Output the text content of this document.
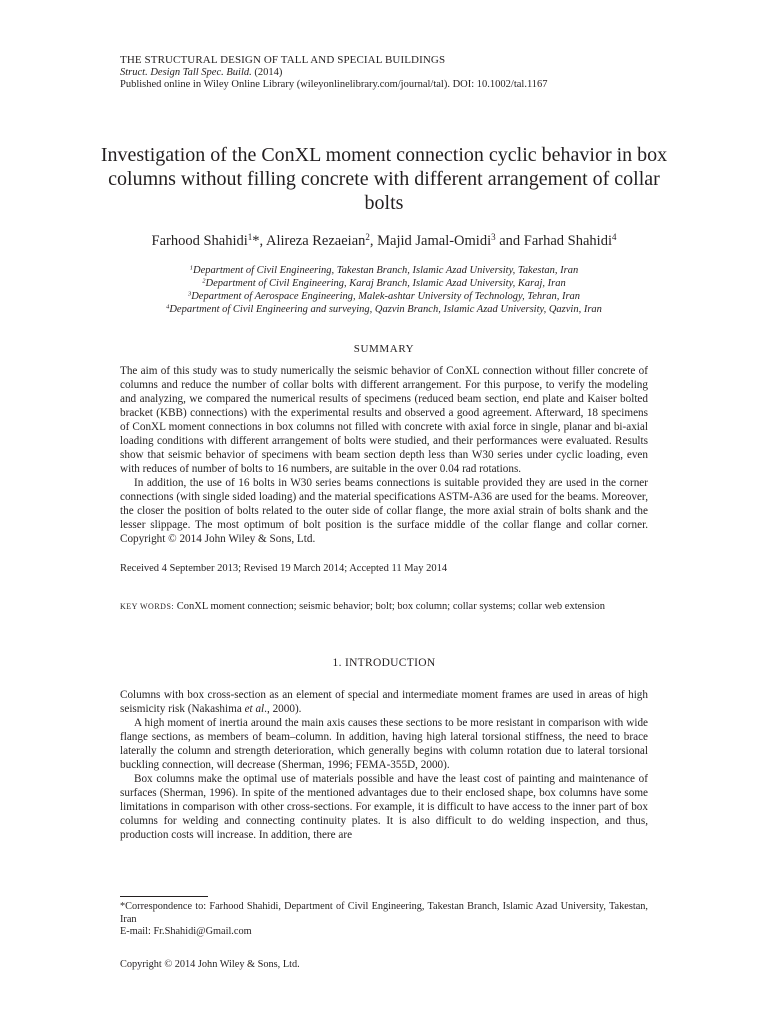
THE STRUCTURAL DESIGN OF TALL AND SPECIAL BUILDINGS
Struct. Design Tall Spec. Build. (2014)
Published online in Wiley Online Library (wileyonlinelibrary.com/journal/tal). DOI: 10.1002/tal.1167
Investigation of the ConXL moment connection cyclic behavior in box columns without filling concrete with different arrangement of collar bolts
Farhood Shahidi$^1$*, Alireza Rezaeian$^2$, Majid Jamal-Omidi$^3$ and Farhad Shahidi$^4$
$^1$Department of Civil Engineering, Takestan Branch, Islamic Azad University, Takestan, Iran
$^2$Department of Civil Engineering, Karaj Branch, Islamic Azad University, Karaj, Iran
$^3$Department of Aerospace Engineering, Malek-ashtar University of Technology, Tehran, Iran
$^4$Department of Civil Engineering and surveying, Qazvin Branch, Islamic Azad University, Qazvin, Iran
SUMMARY

The aim of this study was to study numerically the seismic behavior of ConXL connection without filler concrete of columns and reduce the number of collar bolts with different arrangement. For this purpose, to verify the modeling and analyzing, we compared the numerical results of specimens (reduced beam section, end plate and Kaiser bolted bracket (KBB) connections) with the experimental results and observed a good agreement. Afterward, 18 specimens of ConXL moment connections in box columns not filled with concrete with axial force in single, planar and bi-axial loading conditions with different arrangement of bolts were studied, and their performances were evaluated. Results show that seismic behavior of specimens with beam section depth less than W30 series under cyclic loading, even with reduces of number of bolts to 16 numbers, are suitable in the over 0.04 rad rotations.

In addition, the use of 16 bolts in W30 series beams connections is suitable provided they are used in the corner connections (with single sided loading) and the material specifications ASTM-A36 are used for the beams. Moreover, the closer the position of bolts related to the outer side of collar flange, the more axial strain of bolts shank and the lesser slippage. The most optimum of bolt position is the surface middle of the collar flange and collar corner. Copyright © 2014 John Wiley & Sons, Ltd.

Received 4 September 2013; Revised 19 March 2014; Accepted 11 May 2014
KEY WORDS: ConXL moment connection; seismic behavior; bolt; box column; collar systems; collar web extension
1. INTRODUCTION

Columns with box cross-section as an element of special and intermediate moment frames are used in areas of high seismicity risk (Nakashima et al., 2000).

A high moment of inertia around the main axis causes these sections to be more resistant in comparison with wide flange sections, as members of beam–column. In addition, having high lateral torsional stiffness, the need to brace laterally the column and strength deterioration, which generally begins with column rotation due to lateral torsional buckling connection, will decrease (Sherman, 1996; FEMA-355D, 2000).

Box columns make the optimal use of materials possible and have the least cost of painting and maintenance of surfaces (Sherman, 1996). In spite of the mentioned advantages due to their enclosed shape, box columns have some limitations in comparison with other cross-sections. For example, it is difficult to have access to the inner part of box columns for welding and connecting continuity plates. It is also difficult to do welding inspection, and thus, production costs will increase. In addition, there are

*Correspondence to: Farhood Shahidi, Department of Civil Engineering, Takestan Branch, Islamic Azad University, Takestan, Iran

E-mail: Fr.Shahidi@Gmail.com

Copyright © 2014 John Wiley & Sons, Ltd.
